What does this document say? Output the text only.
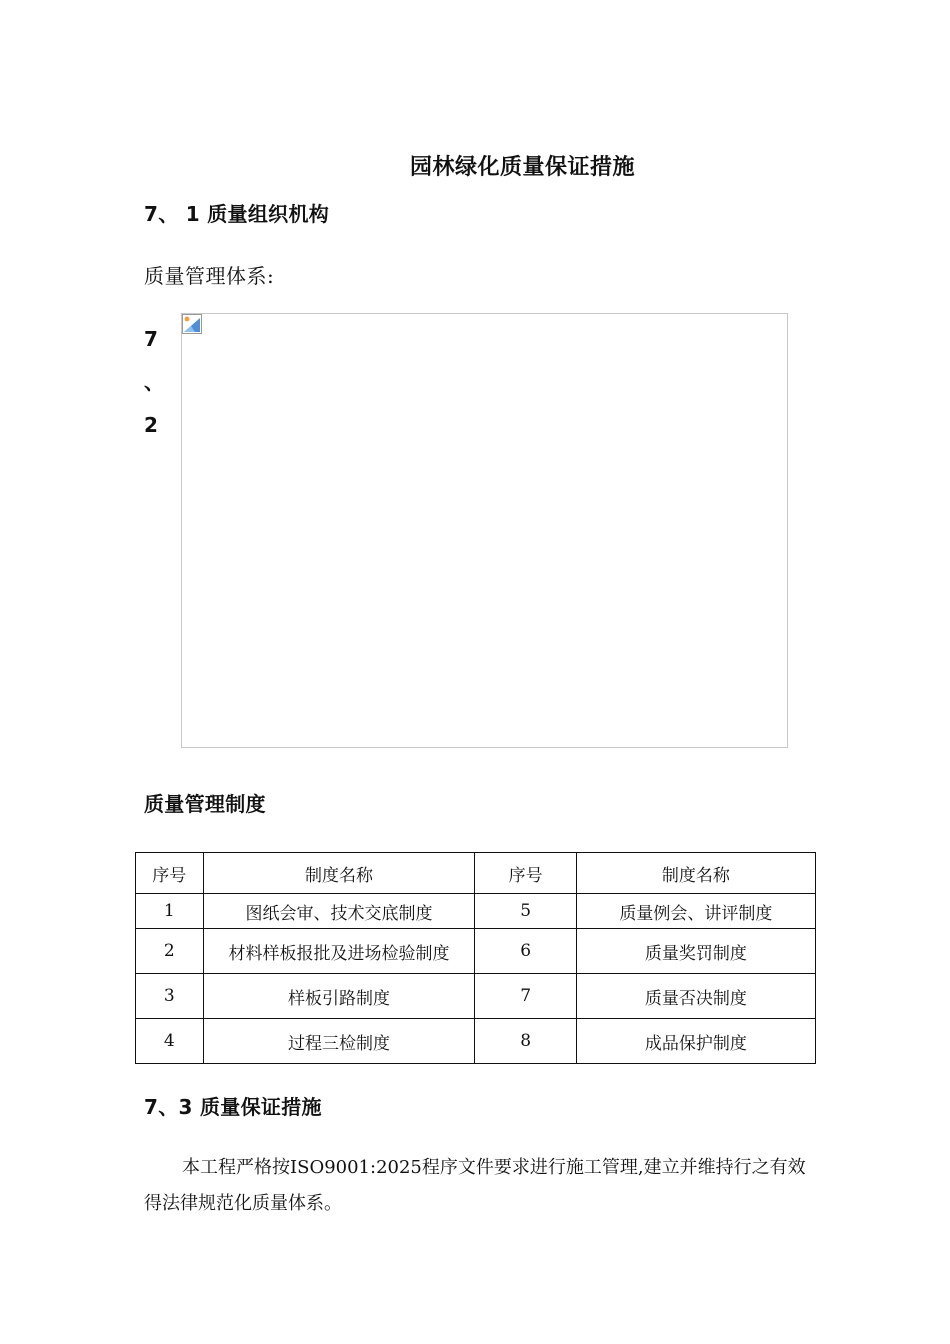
园林绿化质量保证措施
7、 1 质量组织机构
质量管理体系:
7
、
2
质量管理制度
序号	制度名称	序号	制度名称
1	图纸会审、技术交底制度	5	质量例会、讲评制度
2	材料样板报批及进场检验制度	6	质量奖罚制度
3	样板引路制度	7	质量否决制度
4	过程三检制度	8	成品保护制度
7、3 质量保证措施
本工程严格按ISO9001:2025程序文件要求进行施工管理,建立并维持行之有效得法律规范化质量体系。
